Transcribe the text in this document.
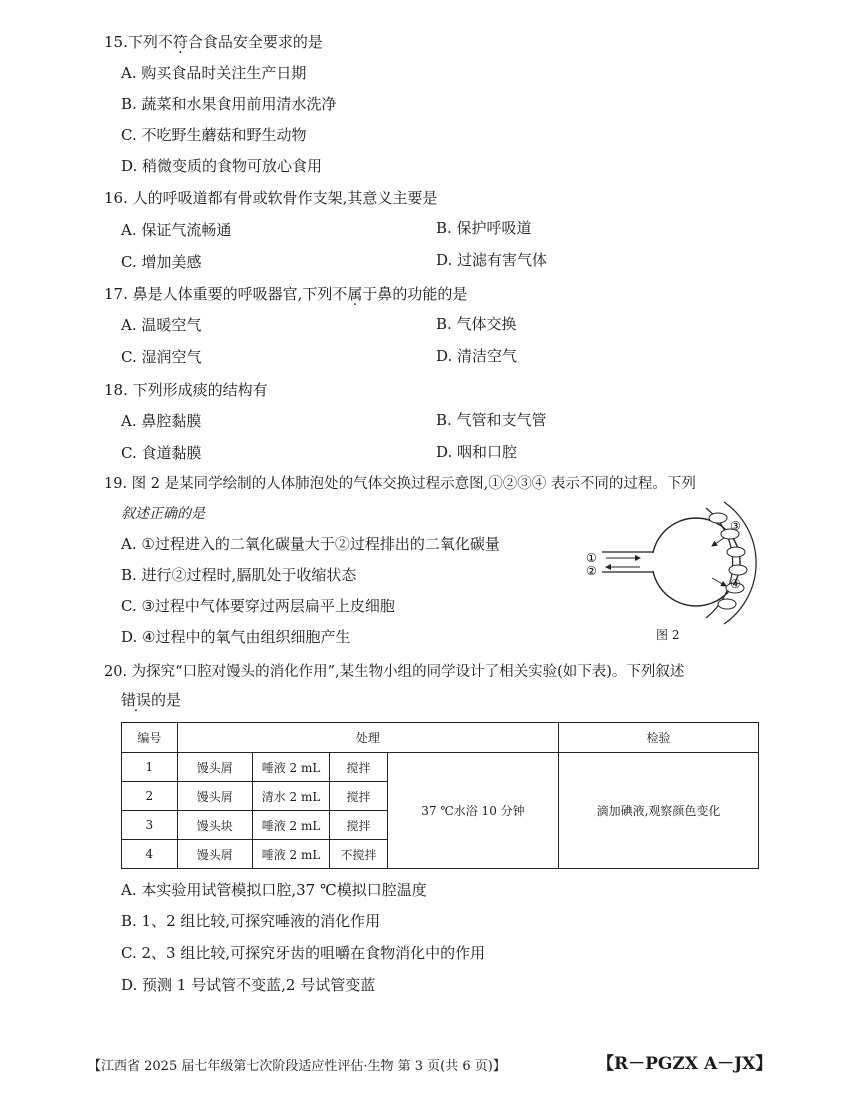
15.下列不符合食品安全要求的是
A. 购买食品时关注生产日期
B. 蔬菜和水果食用前用清水洗净
C. 不吃野生蘑菇和野生动物
D. 稍微变质的食物可放心食用
16. 人的呼吸道都有骨或软骨作支架,其意义主要是
A. 保证气流畅通	B. 保护呼吸道
C. 增加美感	D. 过滤有害气体
17. 鼻是人体重要的呼吸器官,下列不属于鼻的功能的是
A. 温暖空气	B. 气体交换
C. 湿润空气	D. 清洁空气
18. 下列形成痰的结构有
A. 鼻腔黏膜	B. 气管和支气管
C. 食道黏膜	D. 咽和口腔
19. 图 2 是某同学绘制的人体肺泡处的气体交换过程示意图,①②③④ 表示不同的过程。下列
叙述正确的是
A. ①过程进入的二氧化碳量大于②过程排出的二氧化碳量
B. 进行②过程时,膈肌处于收缩状态
C. ③过程中气体要穿过两层扁平上皮细胞
D. ④过程中的氧气由组织细胞产生
①
②
③
④
图 2
20. 为探究“口腔对馒头的消化作用”,某生物小组的同学设计了相关实验(如下表)。下列叙述
错误的是
编号	处理				检验
1	馒头屑	唾液 2 mL	搅拌	37 ℃水浴 10 分钟	滴加碘液,观察颜色变化
2	馒头屑	清水 2 mL	搅拌		
3	馒头块	唾液 2 mL	搅拌		
4	馒头屑	唾液 2 mL	不搅拌		
A. 本实验用试管模拟口腔,37 ℃模拟口腔温度
B. 1、2 组比较,可探究唾液的消化作用
C. 2、3 组比较,可探究牙齿的咀嚼在食物消化中的作用
D. 预测 1 号试管不变蓝,2 号试管变蓝
【江西省 2025 届七年级第七次阶段适应性评估·生物 第 3 页(共 6 页)】	【R－PGZX A－JX】
